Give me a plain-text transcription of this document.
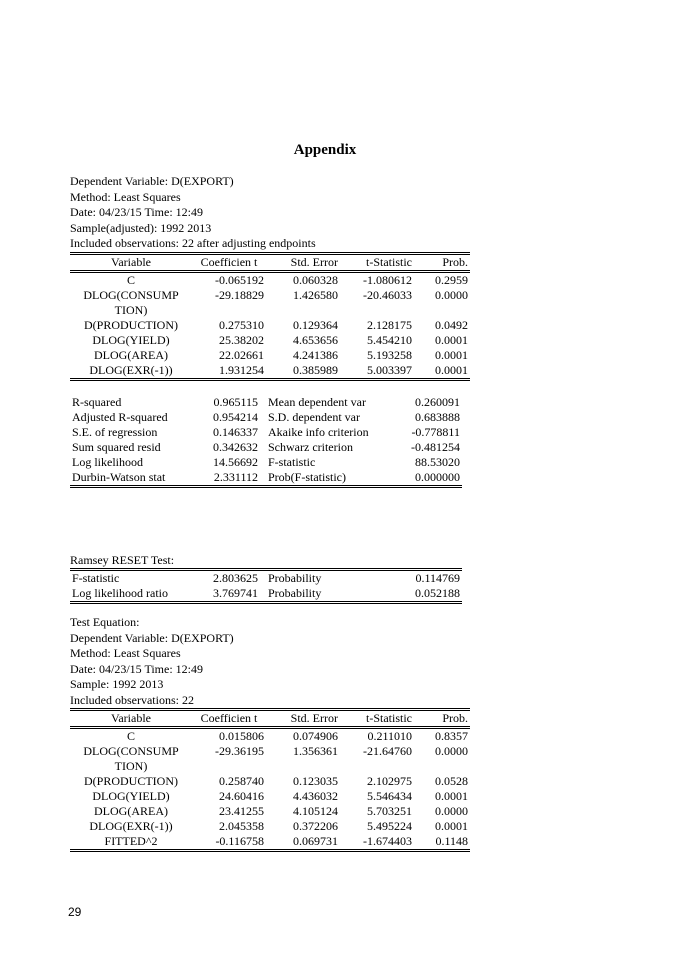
Appendix
Dependent Variable: D(EXPORT)
Method: Least Squares
Date: 04/23/15 Time: 12:49
Sample(adjusted): 1992 2013
Included observations: 22 after adjusting endpoints
Variable	Coefficien t	Std. Error	t-Statistic	Prob.
C	-0.065192	0.060328	-1.080612	0.2959
DLOG(CONSUMP TION)	-29.18829	1.426580	-20.46033	0.0000
D(PRODUCTION)	0.275310	0.129364	2.128175	0.0492
DLOG(YIELD)	25.38202	4.653656	5.454210	0.0001
DLOG(AREA)	22.02661	4.241386	5.193258	0.0001
DLOG(EXR(-1))	1.931254	0.385989	5.003397	0.0001
R-squared	0.965115	Mean dependent var	0.260091
Adjusted R-squared	0.954214	S.D. dependent var	0.683888
S.E. of regression	0.146337	Akaike info criterion	-0.778811
Sum squared resid	0.342632	Schwarz criterion	-0.481254
Log likelihood	14.56692	F-statistic	88.53020
Durbin-Watson stat	2.331112	Prob(F-statistic)	0.000000
Ramsey RESET Test:
F-statistic	2.803625	Probability	0.114769
Log likelihood ratio	3.769741	Probability	0.052188
Test Equation:
Dependent Variable: D(EXPORT)
Method: Least Squares
Date: 04/23/15 Time: 12:49
Sample: 1992 2013
Included observations: 22
Variable	Coefficien t	Std. Error	t-Statistic	Prob.
C	0.015806	0.074906	0.211010	0.8357
DLOG(CONSUMP TION)	-29.36195	1.356361	-21.64760	0.0000
D(PRODUCTION)	0.258740	0.123035	2.102975	0.0528
DLOG(YIELD)	24.60416	4.436032	5.546434	0.0001
DLOG(AREA)	23.41255	4.105124	5.703251	0.0000
DLOG(EXR(-1))	2.045358	0.372206	5.495224	0.0001
FITTED^2	-0.116758	0.069731	-1.674403	0.1148
29
